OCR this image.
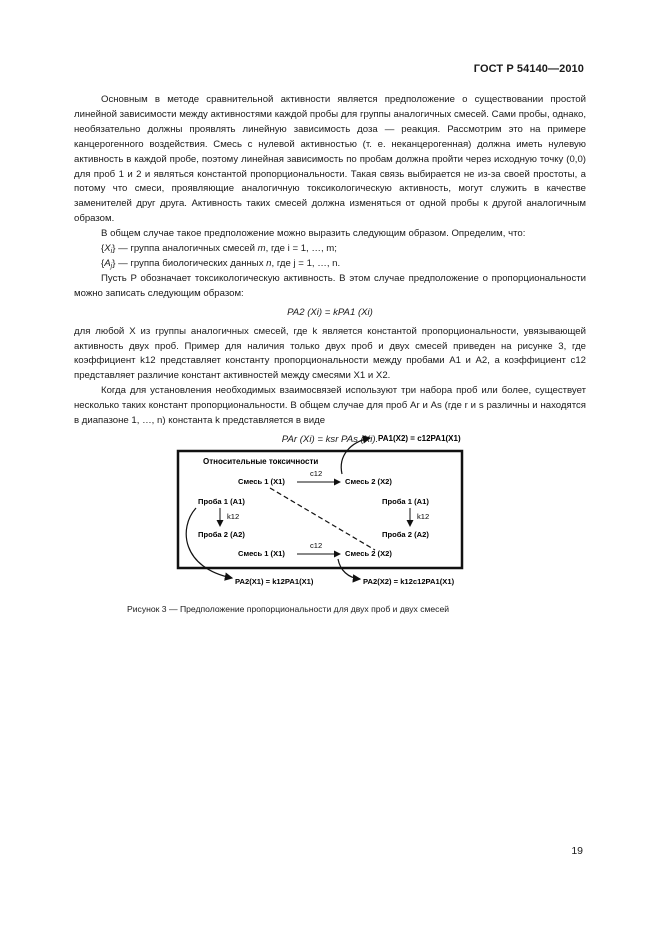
ГОСТ Р 54140—2010

Основным в методе сравнительной активности является предположение о существовании простой линейной зависимости между активностями каждой пробы для группы аналогичных смесей. Сами пробы, однако, необязательно должны проявлять линейную зависимость доза — реакция. Рассмотрим это на примере канцерогенного воздействия. Смесь с нулевой активностью (т. е. неканцерогенная) должна иметь нулевую активность в каждой пробе, поэтому линейная зависимость по пробам должна пройти через исходную точку (0,0) для проб 1 и 2 и являться константой пропорциональности. Такая связь выбирается не из-за своей простоты, а потому что смеси, проявляющие аналогичную токсикологическую активность, могут служить в качестве заменителей друг друга. Активность таких смесей должна изменяться от одной пробы к другой аналогичным образом.

В общем случае такое предположение можно выразить следующим образом. Определим, что:

$\{X_i\}$ — группа аналогичных смесей m, где i = 1, …, m;

$\{A_j\}$ — группа биологических данных n, где j = 1, …, n.

Пусть P обозначает токсикологическую активность. В этом случае предположение о пропорциональности можно записать следующим образом:

PA2 (Xi) = kPA1 (Xi)

для любой X из группы аналогичных смесей, где k является константой пропорциональности, увязывающей активность двух проб. Пример для наличия только двух проб и двух смесей приведен на рисунке 3, где коэффициент k12 представляет константу пропорциональности между пробами A1 и A2, а коэффициент c12 представляет различие констант активностей между смесями X1 и X2.

Когда для установления необходимых взаимосвязей используют три набора проб или более, существует несколько таких констант пропорциональности. В общем случае для проб Ar и As (где r и s различны и находятся в диапазоне 1, …, n) константа k представляется в виде

PAr (Xi) = ksr PAs (Xi). PA1(X2) = c12PA1(X1)
Относительные токсичности
Смесь 1 (X1)	Смесь 2 (X2)
c12
Проба 1 (A1)
k12
Проба 2 (A2)
Проба 1 (A1)
k12
Проба 2 (A2)
Смесь 1 (X1)	Смесь 2 (X2)
c12
PA2(X1) = k12PA1(X1)	PA2(X2) = k12c12PA1(X1)
Рисунок 3 — Предположение пропорциональности для двух проб и двух смесей
19
